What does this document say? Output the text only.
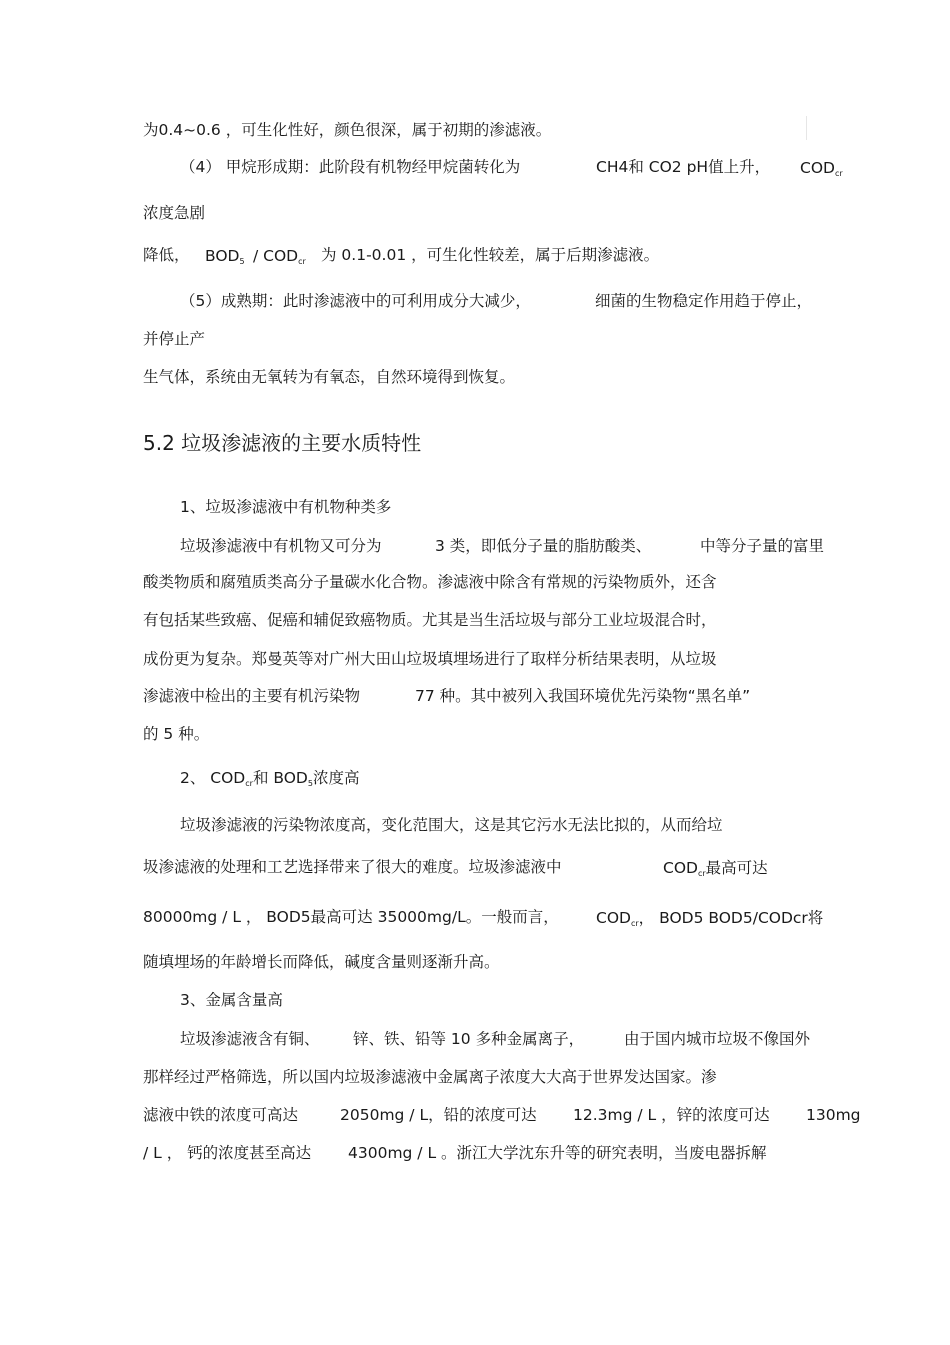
为0.4~0.6 ，可生化性好，颜色很深，属于初期的渗滤液。
（4） 甲烷形成期：此阶段有机物经甲烷菌转化为	CH4和 CO2 pH值上升， $COD_{cr}$
浓度急剧
降低， $BOD_5 / COD_{cr}$ 为 0.1-0.01 ，可生化性较差，属于后期渗滤液。
（5）成熟期：此时渗滤液中的可利用成分大减少，	细菌的生物稳定作用趋于停止，
并停止产
生气体，系统由无氧转为有氧态，自然环境得到恢复。
5.2 垃圾渗滤液的主要水质特性
1、垃圾渗滤液中有机物种类多
垃圾渗滤液中有机物又可分为	3 类，即低分子量的脂肪酸类、	中等分子量的富里
酸类物质和腐殖质类高分子量碳水化合物。渗滤液中除含有常规的污染物质外，还含
有包括某些致癌、促癌和辅促致癌物质。尤其是当生活垃圾与部分工业垃圾混合时，
成份更为复杂。郑曼英等对广州大田山垃圾填埋场进行了取样分析结果表明，从垃圾
渗滤液中检出的主要有机污染物	77 种。其中被列入我国环境优先污染物“黑名单”
的 5 种。
2、 $COD_{cr}$和 $BOD_5$浓度高
垃圾渗滤液的污染物浓度高，变化范围大，这是其它污水无法比拟的，从而给垃
圾渗滤液的处理和工艺选择带来了很大的难度。垃圾渗滤液中	$COD_{cr}$最高可达
80000mg / L ， BOD5最高可达 35000mg/L。一般而言， $COD_{cr}$， BOD5 BOD5/CODcr将
随填埋场的年龄增长而降低，碱度含量则逐渐升高。
3、金属含量高
垃圾渗滤液含有铜、 锌、铁、铅等 10 多种金属离子，	由于国内城市垃圾不像国外
那样经过严格筛选，所以国内垃圾渗滤液中金属离子浓度大大高于世界发达国家。渗
滤液中铁的浓度可高达	2050mg / L，铅的浓度可达 12.3mg / L ，锌的浓度可达 130mg
/ L ， 钙的浓度甚至高达 4300mg / L 。浙江大学沈东升等的研究表明，当废电器拆解
